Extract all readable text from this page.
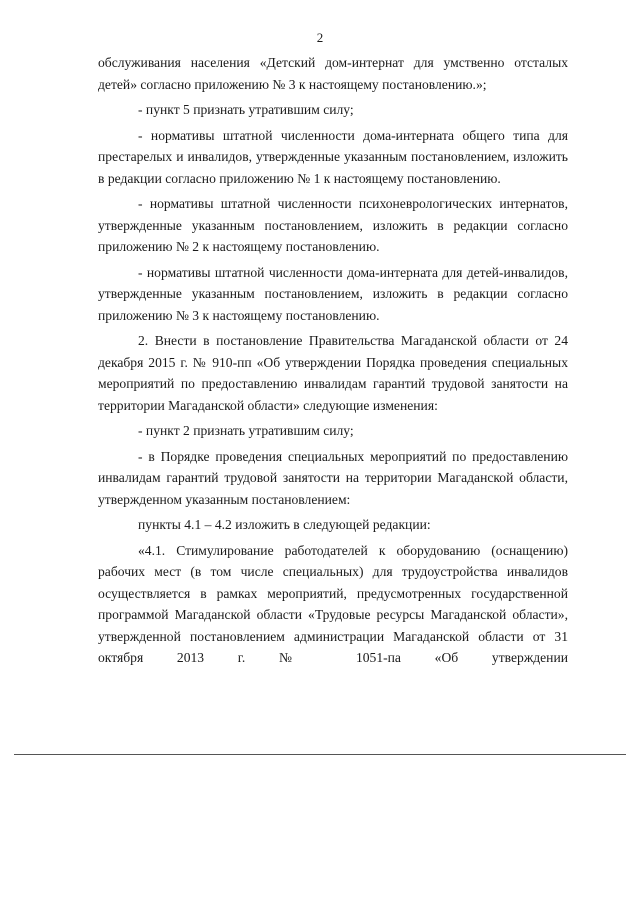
2

обслуживания населения «Детский дом-интернат для умственно отсталых детей» согласно приложению № 3 к настоящему постановлению.»;

- пункт 5 признать утратившим силу;

- нормативы штатной численности дома-интерната общего типа для престарелых и инвалидов, утвержденные указанным постановлением, изложить в редакции согласно приложению № 1 к настоящему постановлению.

- нормативы штатной численности психоневрологических интернатов, утвержденные указанным постановлением, изложить в редакции согласно приложению № 2 к настоящему постановлению.

- нормативы штатной численности дома-интерната для детей-инвалидов, утвержденные указанным постановлением, изложить в редакции согласно приложению № 3 к настоящему постановлению.

2. Внести в постановление Правительства Магаданской области от 24 декабря 2015 г. № 910-пп «Об утверждении Порядка проведения специальных мероприятий по предоставлению инвалидам гарантий трудовой занятости на территории Магаданской области» следующие изменения:

- пункт 2 признать утратившим силу;

- в Порядке проведения специальных мероприятий по предоставлению инвалидам гарантий трудовой занятости на территории Магаданской области, утвержденном указанным постановлением:

пункты 4.1 – 4.2 изложить в следующей редакции:

«4.1. Стимулирование работодателей к оборудованию (оснащению) рабочих мест (в том числе специальных) для трудоустройства инвалидов осуществляется в рамках мероприятий, предусмотренных государственной программой Магаданской области «Трудовые ресурсы Магаданской области», утвержденной постановлением администрации Магаданской области от 31 октября 2013 г. № 1051-па «Об утверждении
